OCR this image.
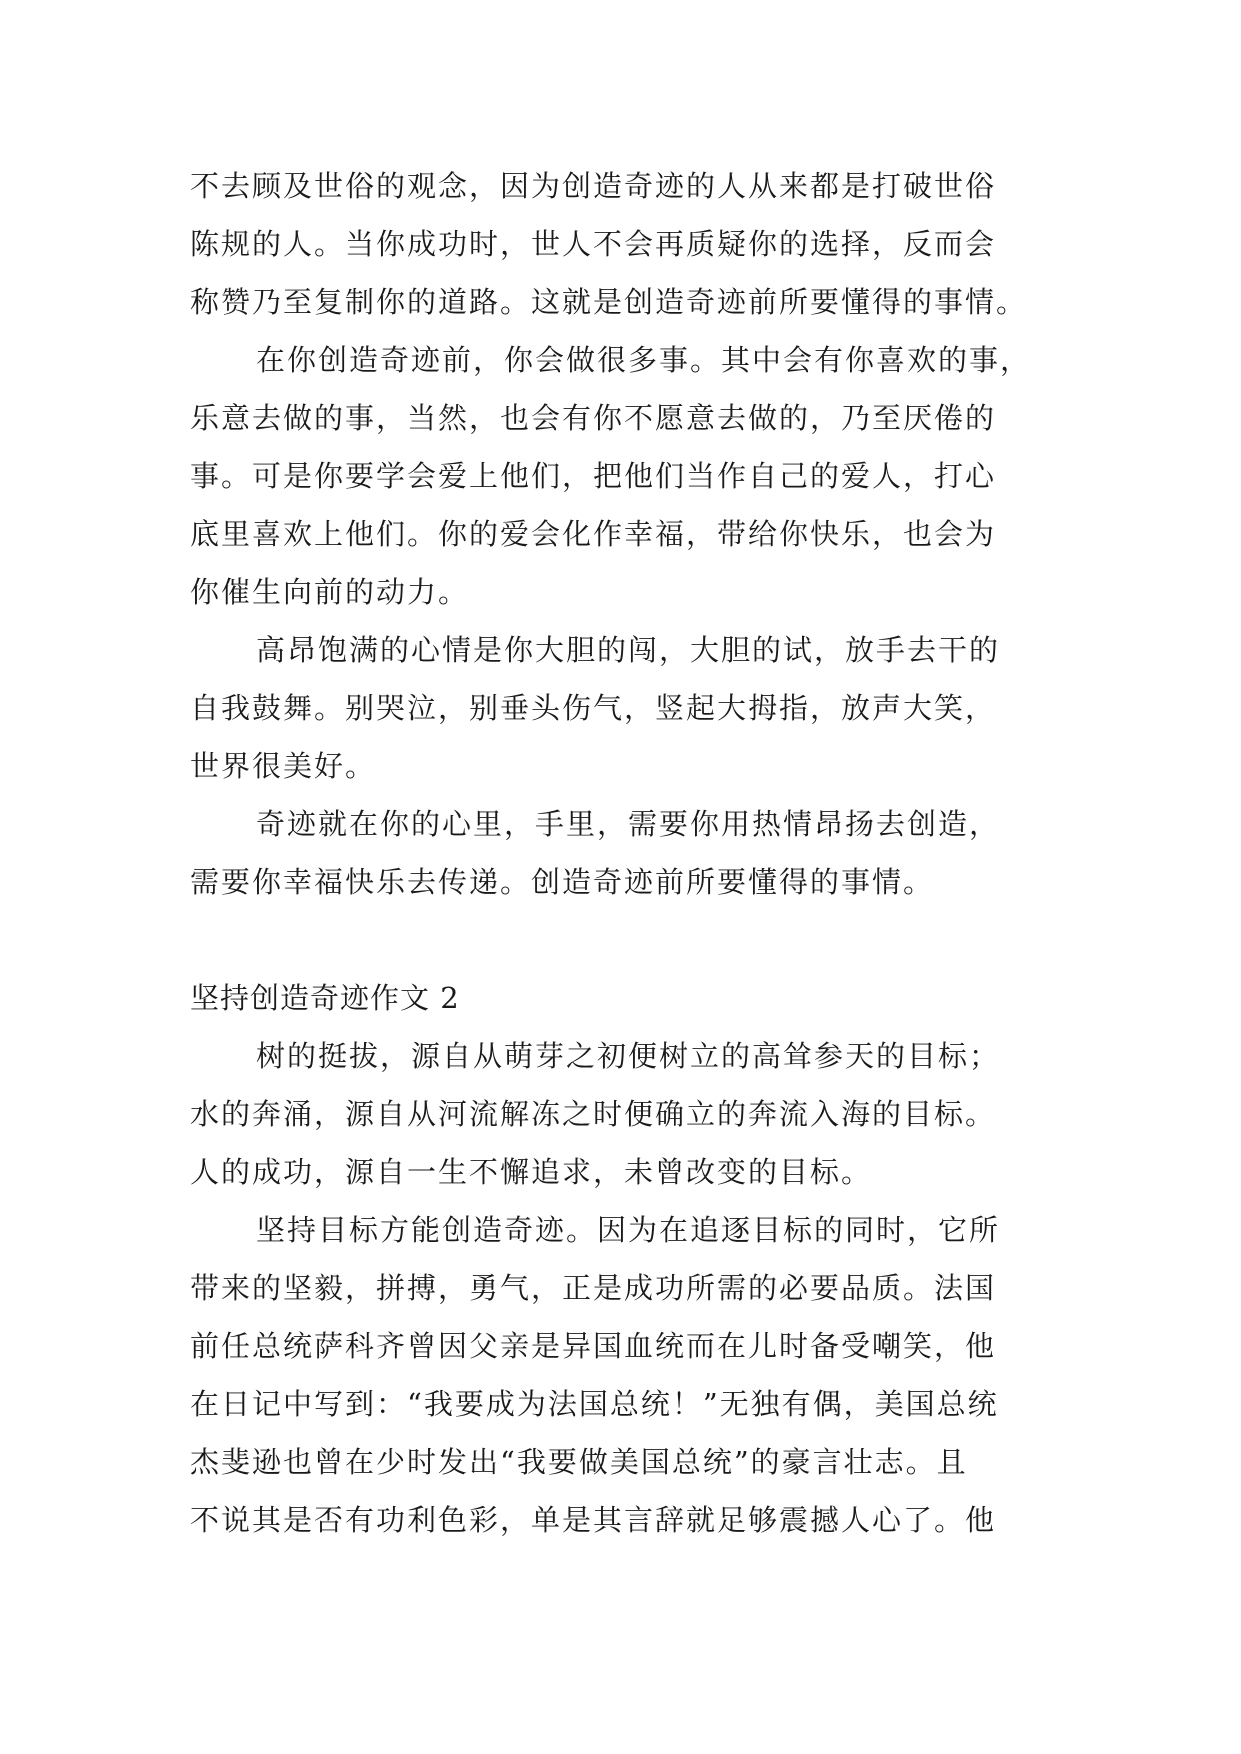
不去顾及世俗的观念，因为创造奇迹的人从来都是打破世俗
陈规的人。当你成功时，世人不会再质疑你的选择，反而会
称赞乃至复制你的道路。这就是创造奇迹前所要懂得的事情。
在你创造奇迹前，你会做很多事。其中会有你喜欢的事，
乐意去做的事，当然，也会有你不愿意去做的，乃至厌倦的
事。可是你要学会爱上他们，把他们当作自己的爱人，打心
底里喜欢上他们。你的爱会化作幸福，带给你快乐，也会为
你催生向前的动力。
高昂饱满的心情是你大胆的闯，大胆的试，放手去干的
自我鼓舞。别哭泣，别垂头伤气，竖起大拇指，放声大笑，
世界很美好。
奇迹就在你的心里，手里，需要你用热情昂扬去创造，
需要你幸福快乐去传递。创造奇迹前所要懂得的事情。
坚持创造奇迹作文 2
树的挺拔，源自从萌芽之初便树立的高耸参天的目标；
水的奔涌，源自从河流解冻之时便确立的奔流入海的目标。
人的成功，源自一生不懈追求，未曾改变的目标。
坚持目标方能创造奇迹。因为在追逐目标的同时，它所
带来的坚毅，拼搏，勇气，正是成功所需的必要品质。法国
前任总统萨科齐曾因父亲是异国血统而在儿时备受嘲笑，他
在日记中写到：“我要成为法国总统！”无独有偶，美国总统
杰斐逊也曾在少时发出“我要做美国总统”的豪言壮志。且
不说其是否有功利色彩，单是其言辞就足够震撼人心了。他
